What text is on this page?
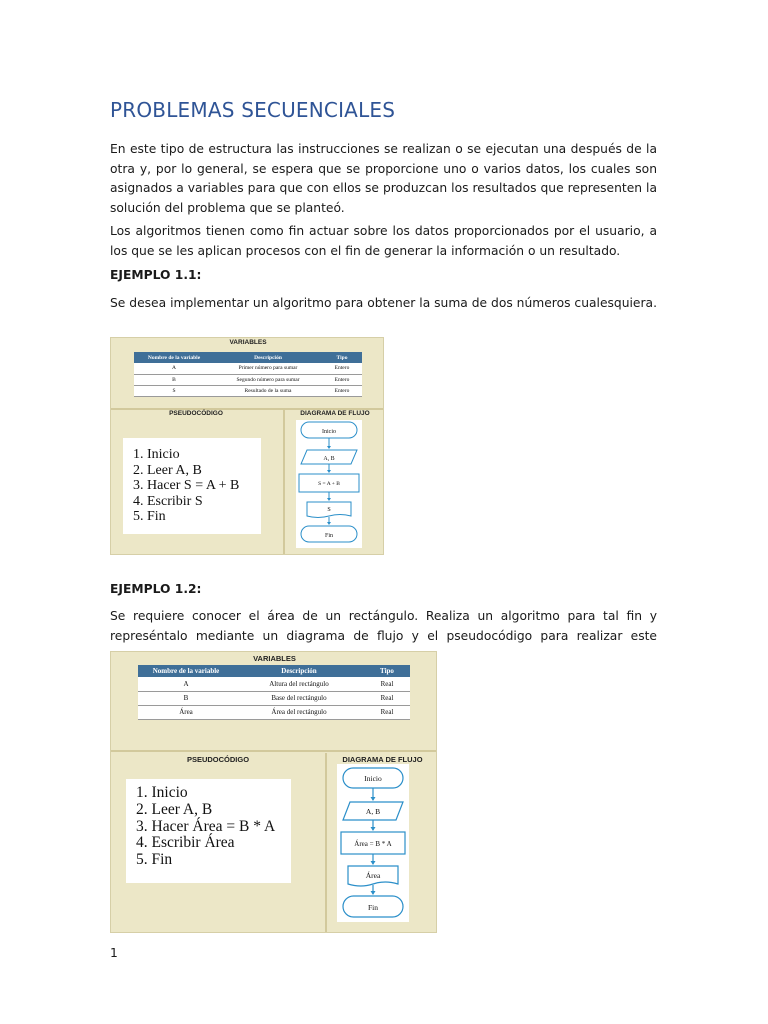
PROBLEMAS SECUENCIALES

En este tipo de estructura las instrucciones se realizan o se ejecutan una después de la otra y, por lo general, se espera que se proporcione uno o varios datos, los cuales son asignados a variables para que con ellos se produzcan los resultados que representen la solución del problema que se planteó.

Los algoritmos tienen como fin actuar sobre los datos proporcionados por el usuario, a los que se les aplican procesos con el fin de generar la información o un resultado.

EJEMPLO 1.1:

Se desea implementar un algoritmo para obtener la suma de dos números cualesquiera.

VARIABLES
Nombre de la variable	Descripción	Tipo
A	Primer número para sumar	Entero
B	Segundo número para sumar	Entero
S	Resultado de la suma	Entero
PSEUDOCÓDIGO	DIAGRAMA DE FLUJO
1. Inicio
2. Leer A, B
3. Hacer S = A + B
4. Escribir S
5. Fin
Inicio
A, B
S = A + B
S
Fin

EJEMPLO 1.2:

Se requiere conocer el área de un rectángulo. Realiza un algoritmo para tal fin y represéntalo mediante un diagrama de flujo y el pseudocódigo para realizar este

VARIABLES
Nombre de la variable	Descripción	Tipo
A	Altura del rectángulo	Real
B	Base del rectángulo	Real
Área	Área del rectángulo	Real
PSEUDOCÓDIGO	DIAGRAMA DE FLUJO
1. Inicio
2. Leer A, B
3. Hacer Área = B * A
4. Escribir Área
5. Fin
Inicio
A, B
Área = B * A
Área
Fin
1
